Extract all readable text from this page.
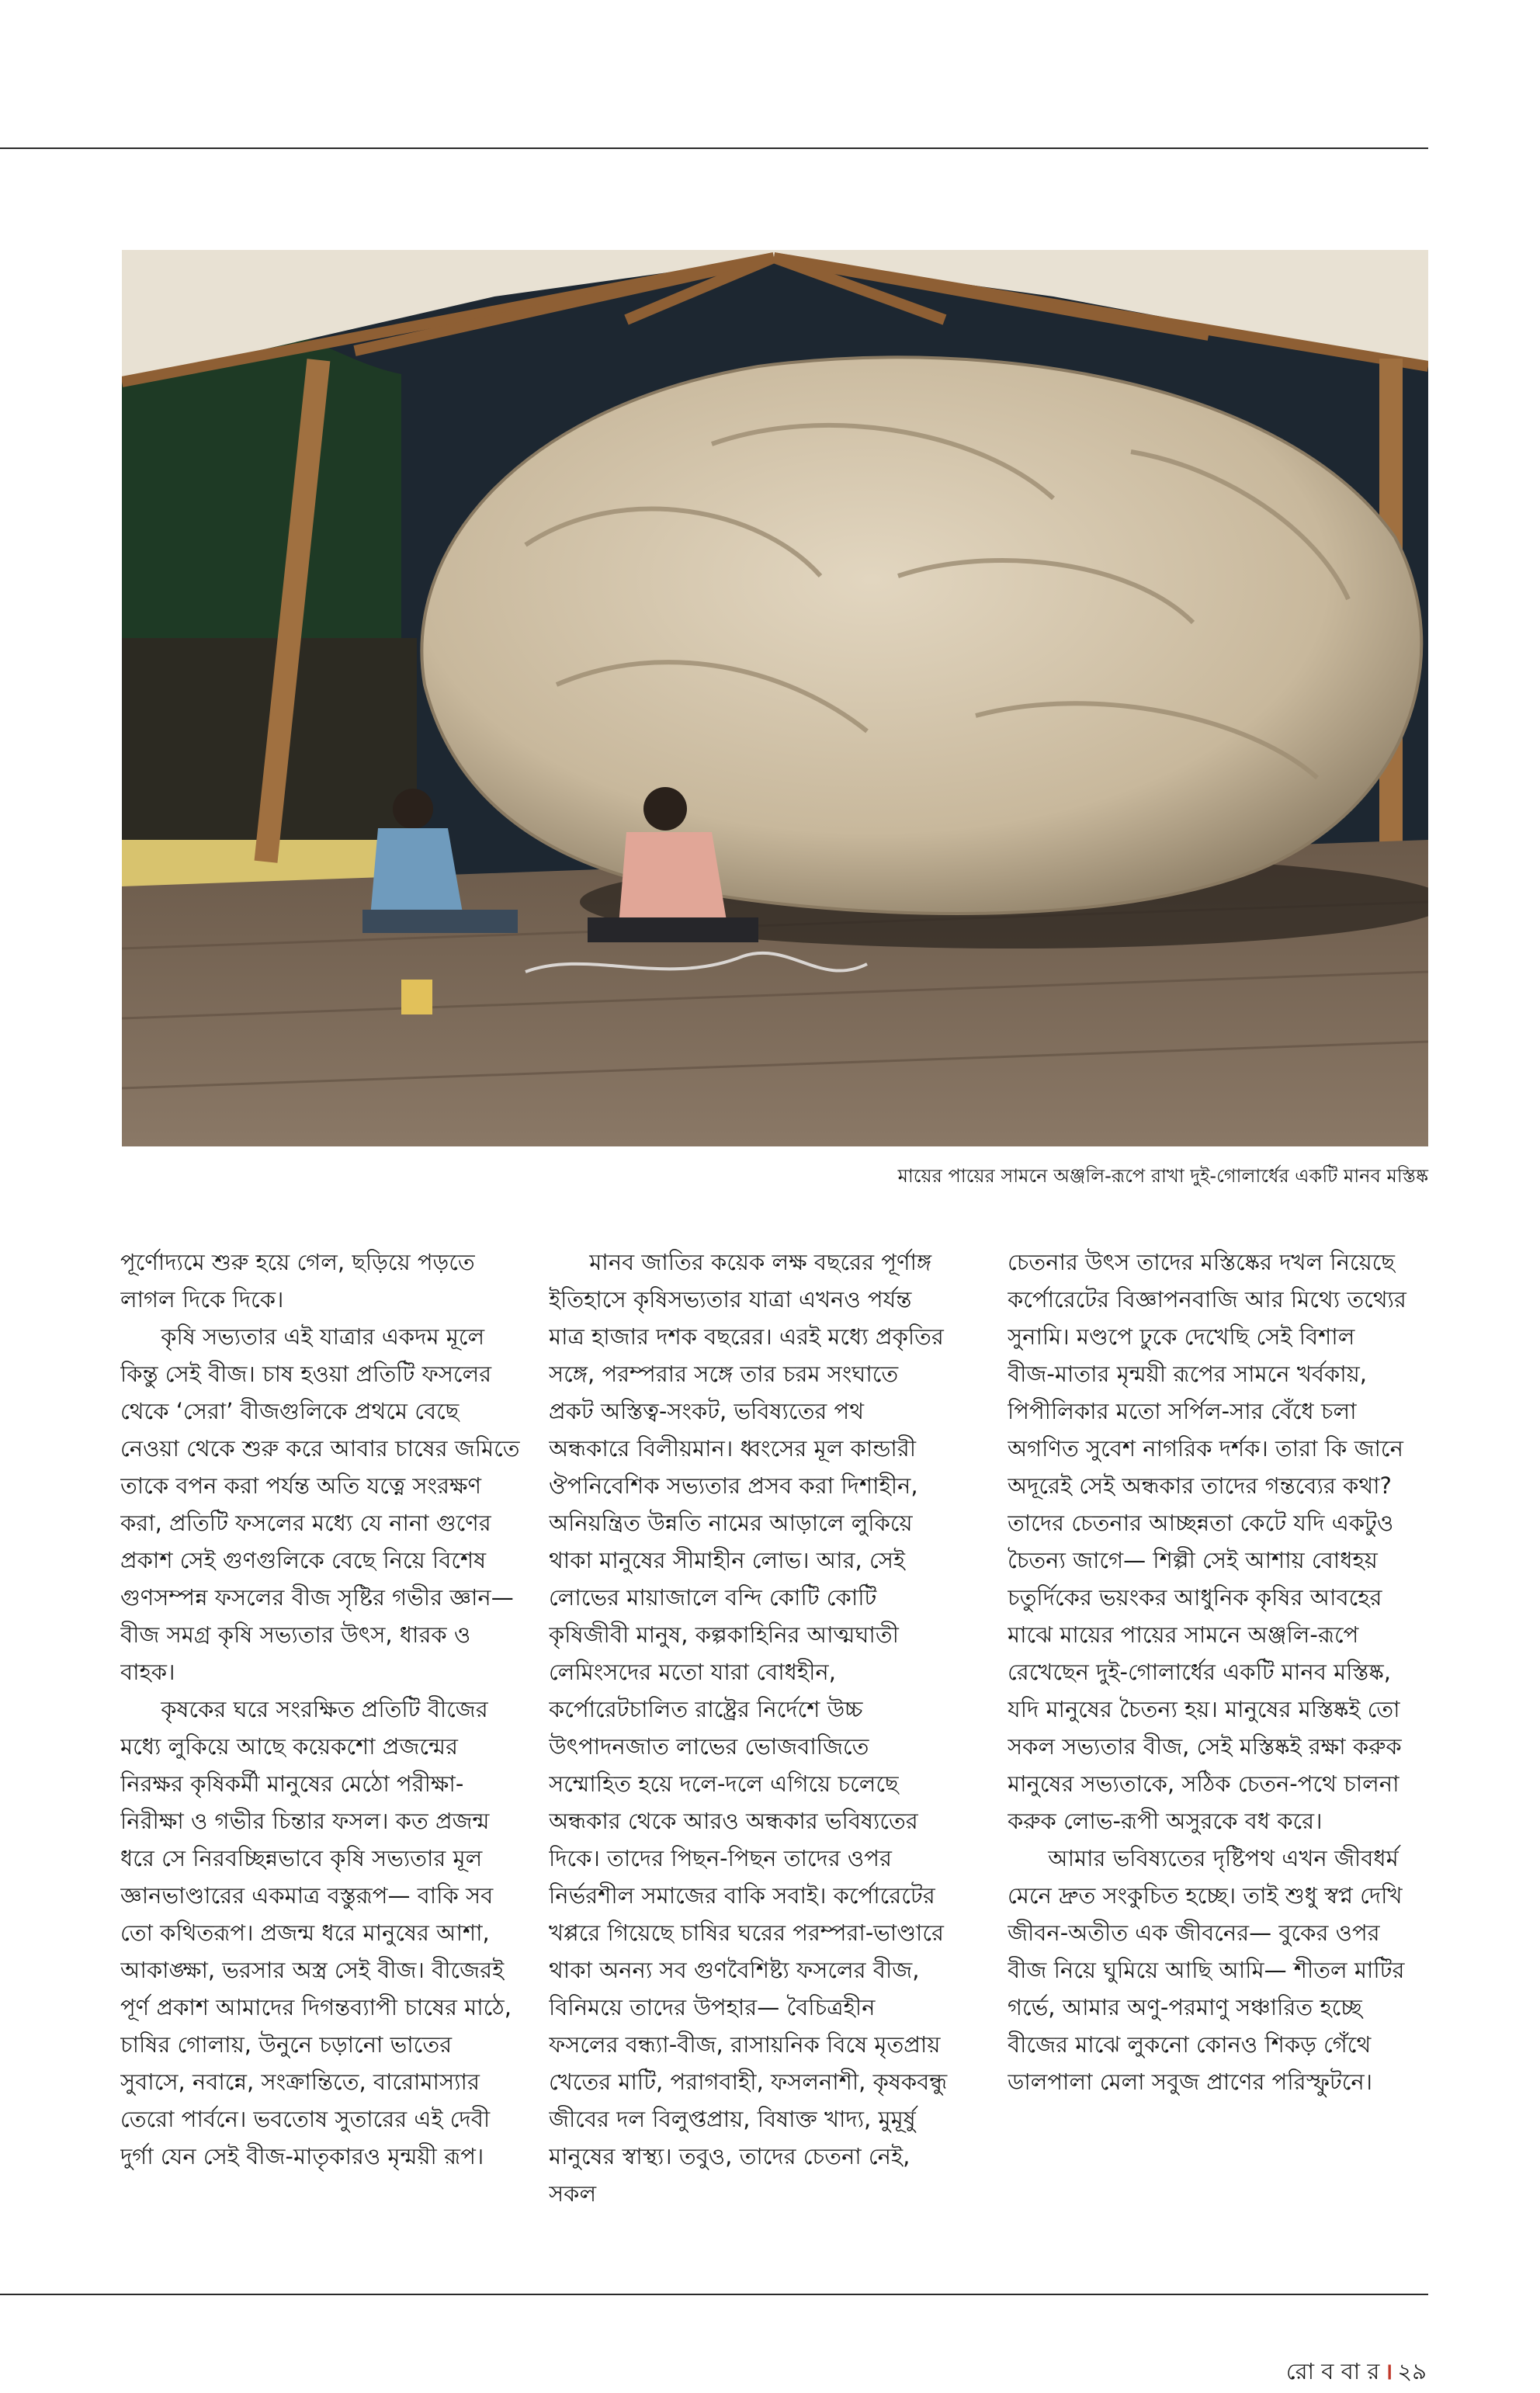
মায়ের পায়ের সামনে অঞ্জলি-রূপে রাখা দুই-গোলার্ধের একটি মানব মস্তিষ্ক

পূর্ণোদ্যমে শুরু হয়ে গেল, ছড়িয়ে পড়তে লাগল দিকে দিকে।

কৃষি সভ্যতার এই যাত্রার একদম মূলে কিন্তু সেই বীজ। চাষ হওয়া প্রতিটি ফসলের থেকে ‘সেরা’ বীজগুলিকে প্রথমে বেছে নেওয়া থেকে শুরু করে আবার চাষের জমিতে তাকে বপন করা পর্যন্ত অতি যত্নে সংরক্ষণ করা, প্রতিটি ফসলের মধ্যে যে নানা গুণের প্রকাশ সেই গুণগুলিকে বেছে নিয়ে বিশেষ গুণসম্পন্ন ফসলের বীজ সৃষ্টির গভীর জ্ঞান— বীজ সমগ্র কৃষি সভ্যতার উৎস, ধারক ও বাহক।

কৃষকের ঘরে সংরক্ষিত প্রতিটি বীজের মধ্যে লুকিয়ে আছে কয়েকশো প্রজন্মের নিরক্ষর কৃষিকর্মী মানুষের মেঠো পরীক্ষা-নিরীক্ষা ও গভীর চিন্তার ফসল। কত প্রজন্ম ধরে সে নিরবচ্ছিন্নভাবে কৃষি সভ্যতার মূল জ্ঞানভাণ্ডারের একমাত্র বস্তুরূপ— বাকি সব তো কথিতরূপ। প্রজন্ম ধরে মানুষের আশা, আকাঙ্ক্ষা, ভরসার অস্ত্র সেই বীজ। বীজেরই পূর্ণ প্রকাশ আমাদের দিগন্তব্যাপী চাষের মাঠে, চাষির গোলায়, উনুনে চড়ানো ভাতের সুবাসে, নবান্নে, সংক্রান্তিতে, বারোমাস্যার তেরো পার্বনে। ভবতোষ সুতারের এই দেবী দুর্গা যেন সেই বীজ-মাতৃকারও মৃন্ময়ী রূপ।

মানব জাতির কয়েক লক্ষ বছরের পূর্ণাঙ্গ ইতিহাসে কৃষিসভ্যতার যাত্রা এখনও পর্যন্ত মাত্র হাজার দশক বছরের। এরই মধ্যে প্রকৃতির সঙ্গে, পরম্পরার সঙ্গে তার চরম সংঘাতে প্রকট অস্তিত্ব-সংকট, ভবিষ্যতের পথ অন্ধকারে বিলীয়মান। ধ্বংসের মূল কান্ডারী ঔপনিবেশিক সভ্যতার প্রসব করা দিশাহীন, অনিয়ন্ত্রিত উন্নতি নামের আড়ালে লুকিয়ে থাকা মানুষের সীমাহীন লোভ। আর, সেই লোভের মায়াজালে বন্দি কোটি কোটি কৃষিজীবী মানুষ, কল্পকাহিনির আত্মঘাতী লেমিংসদের মতো যারা বোধহীন, কর্পোরেটচালিত রাষ্ট্রের নির্দেশে উচ্চ উৎপাদনজাত লাভের ভোজবাজিতে সম্মোহিত হয়ে দলে-দলে এগিয়ে চলেছে অন্ধকার থেকে আরও অন্ধকার ভবিষ্যতের দিকে। তাদের পিছন-পিছন তাদের ওপর নির্ভরশীল সমাজের বাকি সবাই। কর্পোরেটের খপ্পরে গিয়েছে চাষির ঘরের পরম্পরা-ভাণ্ডারে থাকা অনন্য সব গুণবৈশিষ্ট্য ফসলের বীজ, বিনিময়ে তাদের উপহার— বৈচিত্রহীন ফসলের বন্ধ্যা-বীজ, রাসায়নিক বিষে মৃতপ্রায় খেতের মাটি, পরাগবাহী, ফসলনাশী, কৃষকবন্ধু জীবের দল বিলুপ্তপ্রায়, বিষাক্ত খাদ্য, মুমূর্ষু মানুষের স্বাস্থ্য। তবুও, তাদের চেতনা নেই, সকল

চেতনার উৎস তাদের মস্তিষ্কের দখল নিয়েছে কর্পোরেটের বিজ্ঞাপনবাজি আর মিথ্যে তথ্যের সুনামি। মণ্ডপে ঢুকে দেখেছি সেই বিশাল বীজ-মাতার মৃন্ময়ী রূপের সামনে খর্বকায়, পিপীলিকার মতো সর্পিল-সার বেঁধে চলা অগণিত সুবেশ নাগরিক দর্শক। তারা কি জানে অদূরেই সেই অন্ধকার তাদের গন্তব্যের কথা? তাদের চেতনার আচ্ছন্নতা কেটে যদি একটুও চৈতন্য জাগে— শিল্পী সেই আশায় বোধহয় চতুর্দিকের ভয়ংকর আধুনিক কৃষির আবহের মাঝে মায়ের পায়ের সামনে অঞ্জলি-রূপে রেখেছেন দুই-গোলার্ধের একটি মানব মস্তিষ্ক, যদি মানুষের চৈতন্য হয়। মানুষের মস্তিষ্কই তো সকল সভ্যতার বীজ, সেই মস্তিষ্কই রক্ষা করুক মানুষের সভ্যতাকে, সঠিক চেতন-পথে চালনা করুক লোভ-রূপী অসুরকে বধ করে।

আমার ভবিষ্যতের দৃষ্টিপথ এখন জীবধর্ম মেনে দ্রুত সংকুচিত হচ্ছে। তাই শুধু স্বপ্ন দেখি জীবন-অতীত এক জীবনের— বুকের ওপর বীজ নিয়ে ঘুমিয়ে আছি আমি— শীতল মাটির গর্ভে, আমার অণু-পরমাণু সঞ্চারিত হচ্ছে বীজের মাঝে লুকনো কোনও শিকড় গেঁথে ডালপালা মেলা সবুজ প্রাণের পরিস্ফুটনে।

রো ব বা র । ২৯
